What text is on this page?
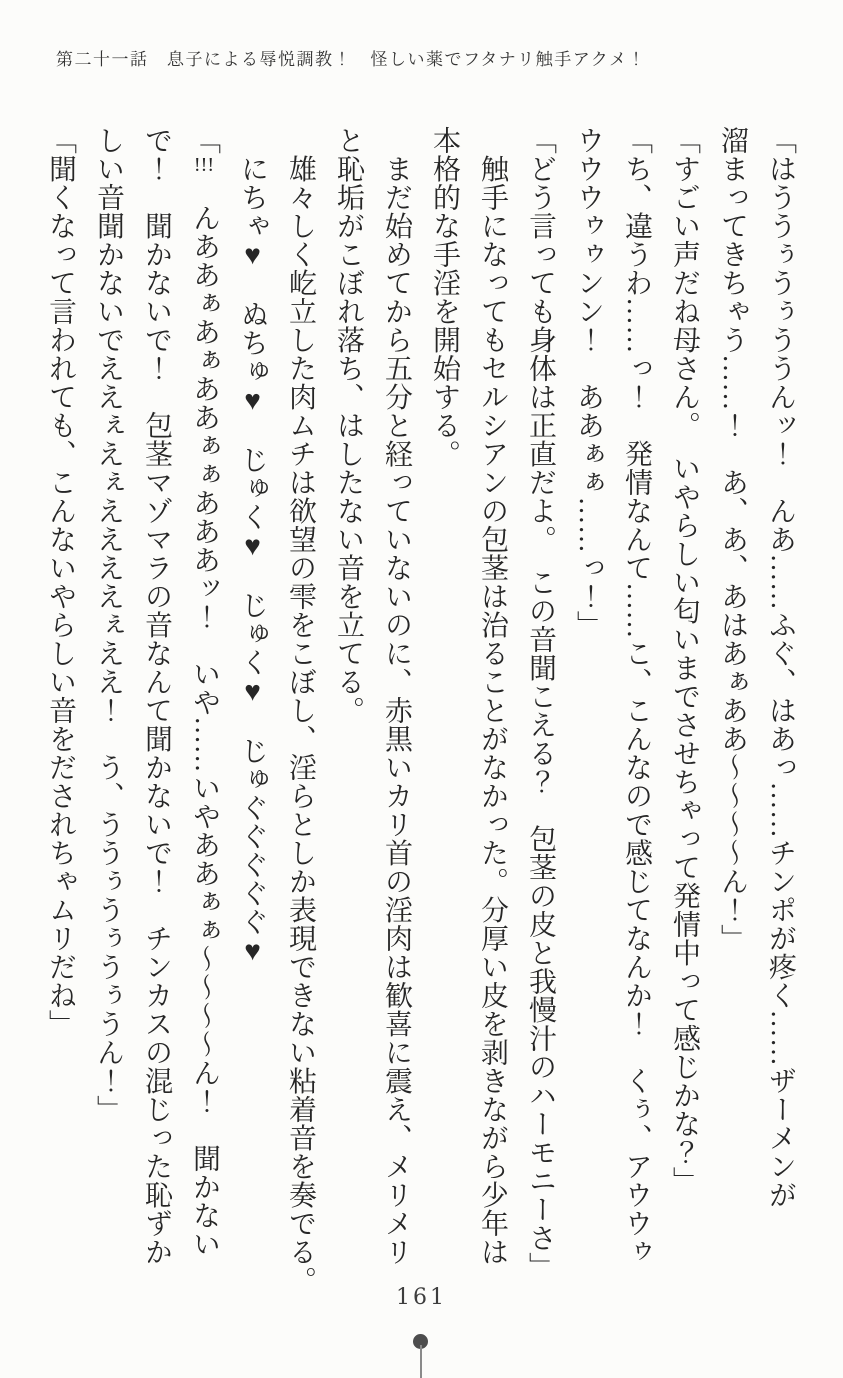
第二十一話　息子による辱悦調教！　怪しい薬でフタナリ触手アクメ！

「はううぅうぅううんッ！　んあ……ふぐ、はあっ……チンポが疼く……ザーメンが

溜まってきちゃう……！　あ、あ、あはあぁああ～～～～ん！」

「すごい声だね母さん。　いやらしい匂いまでさせちゃって発情中って感じかな？」

「ち、違うわ……っ！　発情なんて……こ、こんなので感じてなんか！　くぅ、アウウゥ

ウウウゥゥンン！　ああぁぁ……っ！」

「どう言っても身体は正直だよ。　この音聞こえる？　包茎の皮と我慢汁のハーモニーさ」

　触手になってもセルシアンの包茎は治ることがなかった。分厚い皮を剥きながら少年は

本格的な手淫を開始する。

　まだ始めてから五分と経っていないのに、赤黒いカリ首の淫肉は歓喜に震え、メリメリ

と恥垢がこぼれ落ち、はしたない音を立てる。

　雄々しく屹立した肉ムチは欲望の雫をこぼし、淫らとしか表現できない粘着音を奏でる。

　にちゃ♥　ぬちゅ♥　じゅく♥　じゅく♥　じゅぐぐぐぐぐ♥

「!!!　んああぁあぁああぁぁあああッ！　いや……いやああぁぁ～～～～ん！　聞かない

で！　聞かないで！　包茎マゾマラの音なんて聞かないで！　チンカスの混じった恥ずか

しい音聞かないでええぇえぇええええぇええ！　う、ううぅうぅうぅうん！」

「聞くなって言われても、こんないやらしい音をだされちゃムリだね」

161
